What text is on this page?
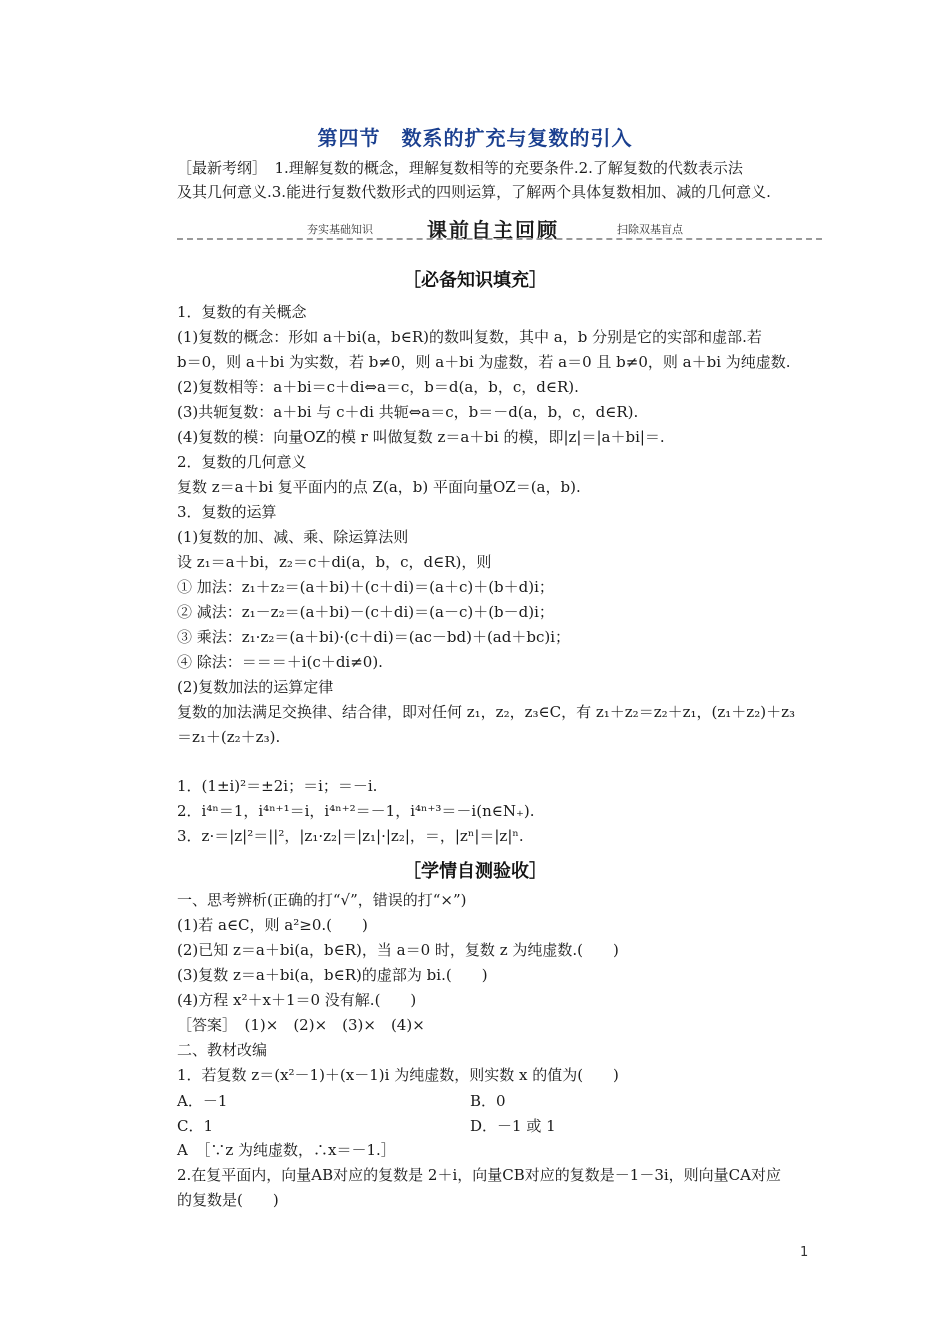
第四节　数系的扩充与复数的引入
［最新考纲］　1.理解复数的概念，理解复数相等的充要条件.2.了解复数的代数表示法
及其几何意义.3.能进行复数代数形式的四则运算，了解两个具体复数相加、减的几何意义.
夯实基础知识	课前自主回顾	扫除双基盲点
［必备知识填充］
1．复数的有关概念
(1)复数的概念：形如 a＋bi(a，b∈R)的数叫复数，其中 a，b 分别是它的实部和虚部.若
b＝0，则 a＋bi 为实数，若 b≠0，则 a＋bi 为虚数，若 a＝0 且 b≠0，则 a＋bi 为纯虚数.
(2)复数相等：a＋bi＝c＋di⇔a＝c，b＝d(a，b，c，d∈R).
(3)共轭复数：a＋bi 与 c＋di 共轭⇔a＝c，b＝－d(a，b，c，d∈R).
(4)复数的模：向量OZ的模 r 叫做复数 z＝a＋bi 的模，即|z|＝|a＋bi|＝.
2．复数的几何意义
复数 z＝a＋bi 复平面内的点 Z(a，b) 平面向量OZ＝(a，b).
3．复数的运算
(1)复数的加、减、乘、除运算法则
设 z₁＝a＋bi，z₂＝c＋di(a，b，c，d∈R)，则
① 加法：z₁＋z₂＝(a＋bi)＋(c＋di)＝(a＋c)＋(b＋d)i；
② 减法：z₁－z₂＝(a＋bi)－(c＋di)＝(a－c)＋(b－d)i；
③ 乘法：z₁·z₂＝(a＋bi)·(c＋di)＝(ac－bd)＋(ad＋bc)i；
④ 除法：＝＝＝＋i(c＋di≠0).
(2)复数加法的运算定律
复数的加法满足交换律、结合律，即对任何 z₁，z₂，z₃∈C，有 z₁＋z₂＝z₂＋z₁，(z₁＋z₂)＋z₃
＝z₁＋(z₂＋z₃).
1．(1±i)²＝±2i；＝i；＝－i.
2．i⁴ⁿ＝1，i⁴ⁿ⁺¹＝i，i⁴ⁿ⁺²＝－1，i⁴ⁿ⁺³＝－i(n∈N₊).
3．z·＝|z|²＝||²，|z₁·z₂|＝|z₁|·|z₂|，＝，|zⁿ|＝|z|ⁿ.
［学情自测验收］
一、思考辨析(正确的打“√”，错误的打“×”)
(1)若 a∈C，则 a²≥0.(　　)
(2)已知 z＝a＋bi(a，b∈R)，当 a＝0 时，复数 z 为纯虚数.(　　)
(3)复数 z＝a＋bi(a，b∈R)的虚部为 bi.(　　)
(4)方程 x²＋x＋1＝0 没有解.(　　)
［答案］　(1)×　(2)×　(3)×　(4)×
二、教材改编
1．若复数 z＝(x²－1)＋(x－1)i 为纯虚数，则实数 x 的值为(　　)
A．－1	B．0
C．1	D．－1 或 1
A　［∵z 为纯虚数，∴x＝－1.］
2.在复平面内，向量AB对应的复数是 2＋i，向量CB对应的复数是－1－3i，则向量CA对应
的复数是(　　)
1
